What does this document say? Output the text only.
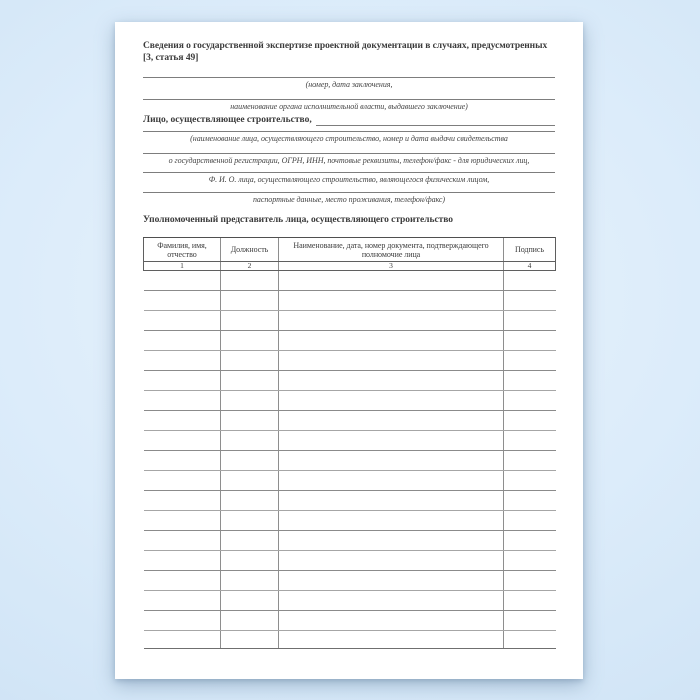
Сведения о государственной экспертизе проектной документации в случаях, предусмотренных
[3, статья 49]
(номер, дата заключения,
наименование органа исполнительной власти, выдавшего заключение)
Лицо, осуществляющее строительство,
(наименование лица, осуществляющего строительство, номер и дата выдачи свидетельства
о государственной регистрации, ОГРН, ИНН, почтовые реквизиты, телефон/факс - для юридических лиц,
Ф. И. О. лица, осуществляющего строительство, являющегося физическим лицом,
паспортные данные, место проживания, телефон/факс)
Уполномоченный представитель лица, осуществляющего строительство
Фамилия, имя, отчество	Должность	Наименование, дата, номер документа, подтверждающего полномочие лица	Подпись
1	2	3	4
